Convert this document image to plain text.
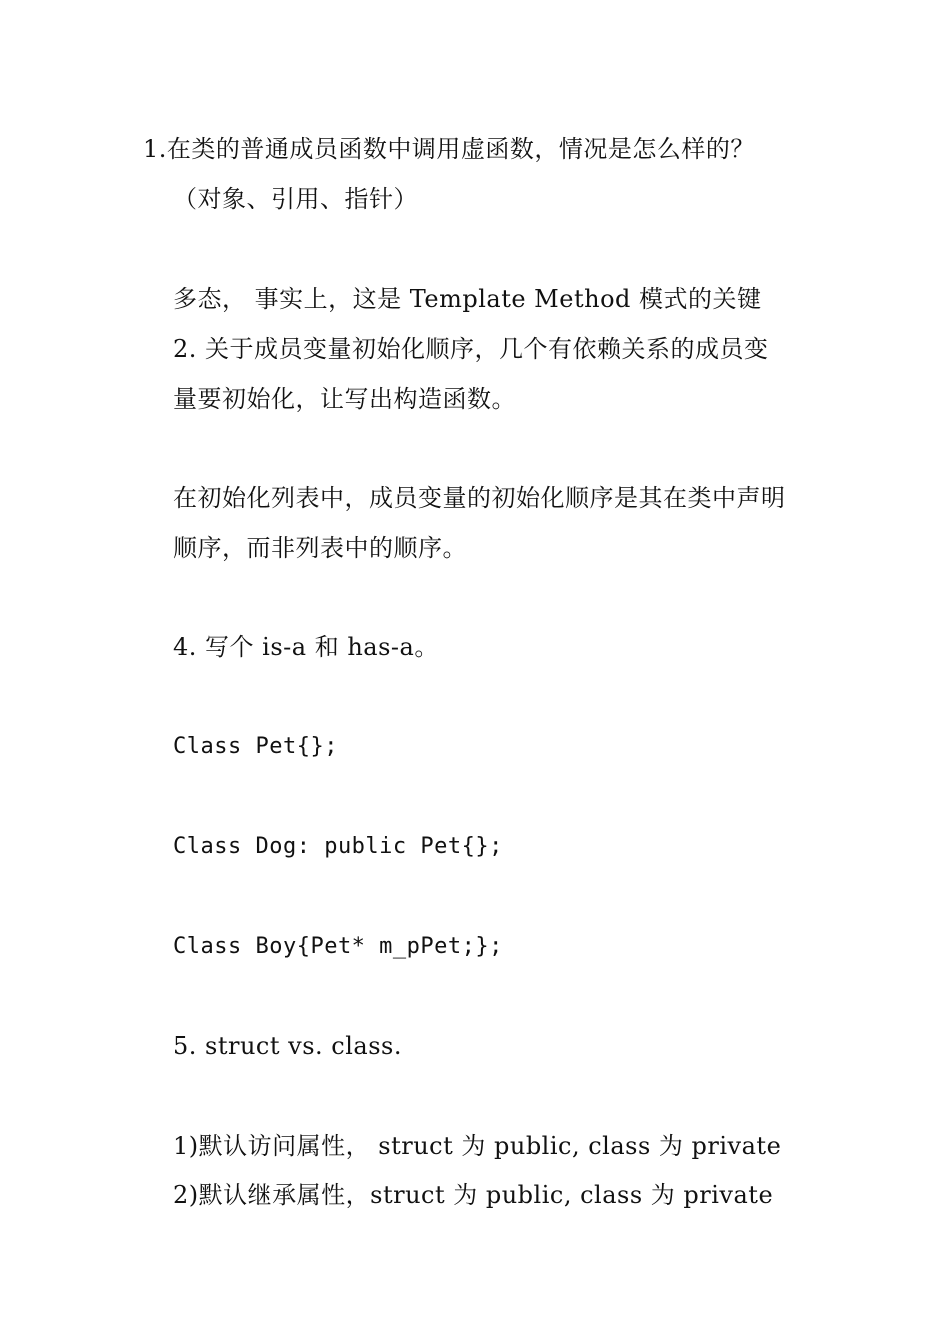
1.在类的普通成员函数中调用虚函数，情况是怎么样的？
（对象、引用、指针）
多态， 事实上，这是 Template Method 模式的关键
2. 关于成员变量初始化顺序，几个有依赖关系的成员变
量要初始化，让写出构造函数。
在初始化列表中，成员变量的初始化顺序是其在类中声明
顺序，而非列表中的顺序。
4. 写个 is-a 和 has-a。
Class Pet{};
Class Dog: public Pet{};
Class Boy{Pet* m_pPet;};
5. struct vs. class.
1)默认访问属性， struct 为 public, class 为 private
2)默认继承属性，struct 为 public, class 为 private
